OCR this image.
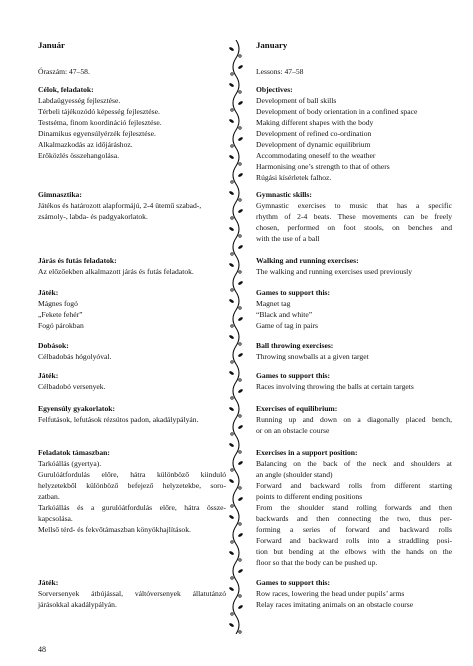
Január
Óraszám: 47–58.
Célok, feladatok:
Labdaügyesség fejlesztése.
Térbeli tájékozódó képesség fejlesztése.
Testséma, finom koordináció fejlesztése.
Dinamikus egyensúlyérzék fejlesztése.
Alkalmazkodás az időjáráshoz.
Erőközlés összehangolása.
Gimnasztika:
Játékos és határozott alapformájú, 2-4 ütemű szabad-,
zsámoly-, labda- és padgyakorlatok.
Járás és futás feladatok:
Az előzőekben alkalmazott járás és futás feladatok.
Játék:
Mágnes fogó
„Fekete fehér”
Fogó párokban
Dobások:
Célbadobás hógolyóval.
Játék:
Célbadobó versenyek.
Egyensúly gyakorlatok:
Felfutások, lefutások rézsútos padon, akadálypályán.
Feladatok támaszban:
Tarkóállás (gyertya).
Gurulóátfordulás előre, hátra különböző kiinduló
helyzetekből különböző befejező helyzetekbe, soro-
zatban.
Tarkóállás és a gurulóátfordulás előre, hátra össze-
kapcsolása.
Mellső térd- és fekvőtámaszban könyökhajlítások.
Játék:
Sorversenyek átbújással, váltóversenyek állatutánzó
járásokkal akadálypályán.
January
Lessons: 47–58
Objectives:
Development of ball skills
Development of body orientation in a confined space
Making different shapes with the body
Development of refined co-ordination
Development of dynamic equilibrium
Accommodating oneself to the weather
Harmonising one’s strength to that of others
Rúgási kísérletek falhoz.
Gymnastic skills:
Gymnastic exercises to music that has a specific
rhythm of 2-4 beats. These movements can be freely
chosen, performed on foot stools, on benches and
with the use of a ball
Walking and running exercises:
The walking and running exercises used previously
Games to support this:
Magnet tag
“Black and white”
Game of tag in pairs
Ball throwing exercises:
Throwing snowballs at a given target
Games to support this:
Races involving throwing the balls at certain targets
Exercises of equilibrium:
Running up and down on a diagonally placed bench,
or on an obstacle course
Exercises in a support position:
Balancing on the back of the neck and shoulders at
an angle (shoulder stand)
Forward and backward rolls from different starting
points to different ending positions
From the shoulder stand rolling forwards and then
backwards and then connecting the two, thus per-
forming a series of forward and backward rolls
Forward and backward rolls into a straddling posi-
tion but bending at the elbows with the hands on the
floor so that the body can be pushed up.
Games to support this:
Row races, lowering the head under pupils’ arms
Relay races imitating animals on an obstacle course
48
